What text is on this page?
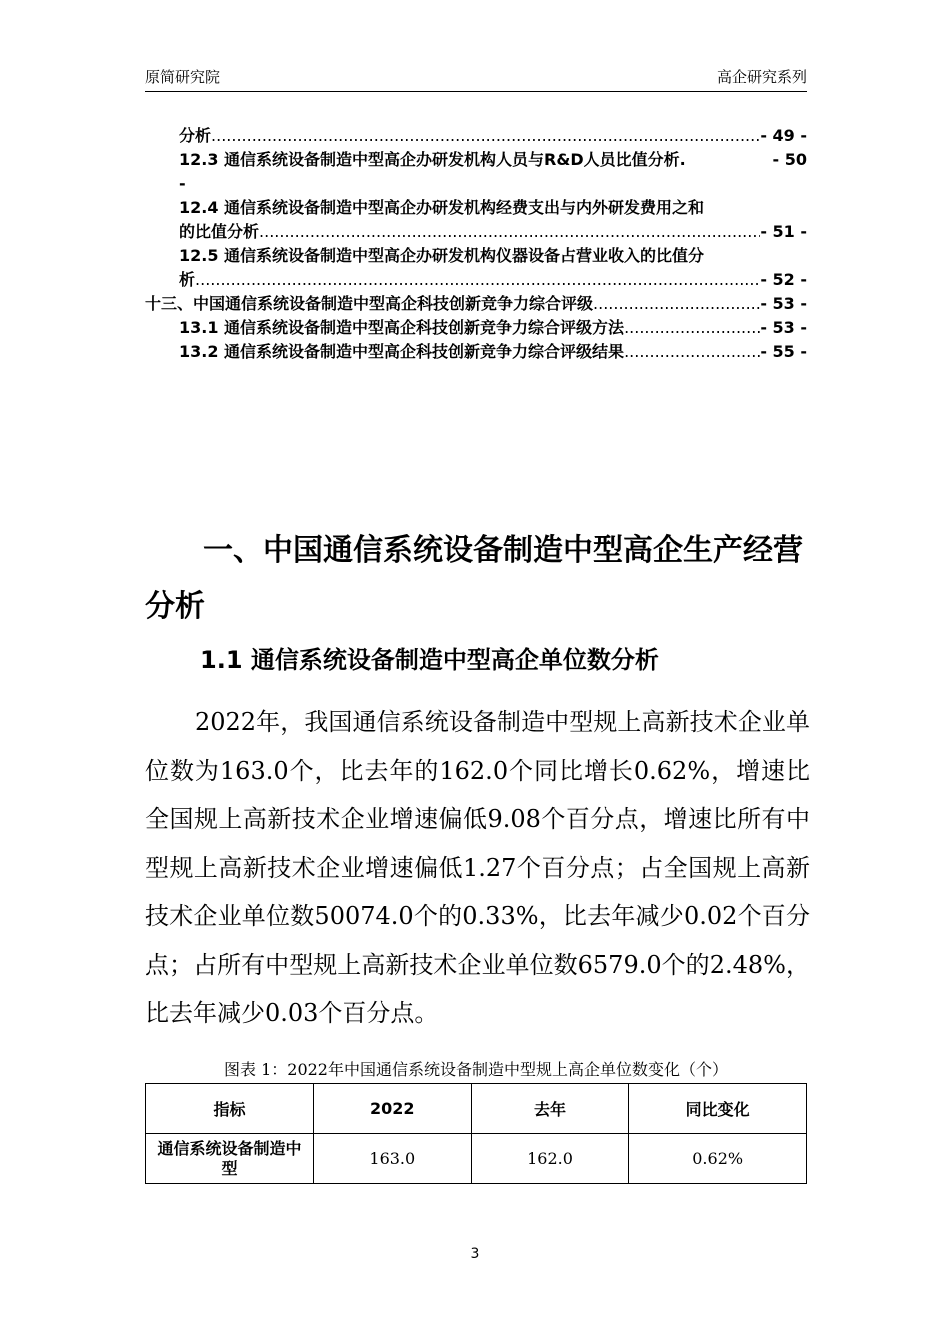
原简研究院	高企研究系列
分析 .....	- 49 -
12.3 通信系统设备制造中型高企办研发机构人员与R&D人员比值分析.	- 50
-
12.4 通信系统设备制造中型高企办研发机构经费支出与内外研发费用之和
的比值分析 .....	- 51 -
12.5 通信系统设备制造中型高企办研发机构仪器设备占营业收入的比值分
析 .....	- 52 -
十三、中国通信系统设备制造中型高企科技创新竞争力综合评级 .....	- 53 -
13.1 通信系统设备制造中型高企科技创新竞争力综合评级方法 .....	- 53 -
13.2 通信系统设备制造中型高企科技创新竞争力综合评级结果 .....	- 55 -
一、中国通信系统设备制造中型高企生产经营分析
1.1 通信系统设备制造中型高企单位数分析

2022年，我国通信系统设备制造中型规上高新技术企业单位数为163.0个，比去年的162.0个同比增长0.62%，增速比全国规上高新技术企业增速偏低9.08个百分点，增速比所有中型规上高新技术企业增速偏低1.27个百分点；占全国规上高新技术企业单位数50074.0个的0.33%，比去年减少0.02个百分点；占所有中型规上高新技术企业单位数6579.0个的2.48%，比去年减少0.03个百分点。

图表 1：2022年中国通信系统设备制造中型规上高企单位数变化（个）
指标	2022	去年	同比变化

通信系统设备制造中型	163.0	162.0	0.62%
3
